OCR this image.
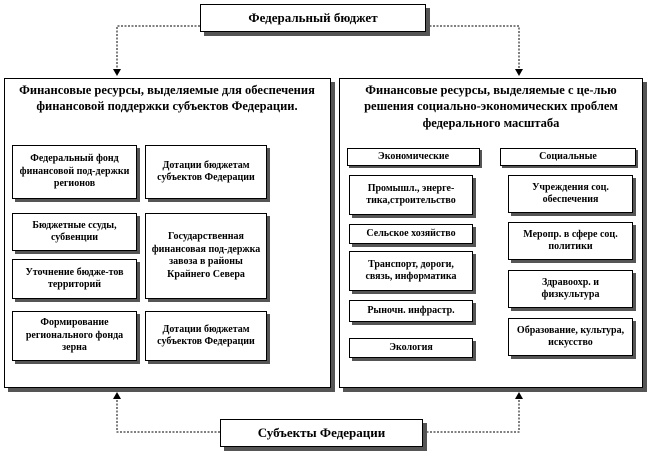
Федеральный бюджет
Финансовые ресурсы, выделяемые для обеспечения финансовой поддержки субъектов Федерации.
Федеральный фонд финансовой под-держки регионов
Дотации бюджетам субъектов Федерации
Бюджетные ссуды, субвенции	Государственная финансовая под-держка завоза в районы Крайнего Севера
Уточнение бюдже-тов территорий
Формирование регионального фонда зерна
Дотации бюджетам субъектов Федерации
Финансовые ресурсы, выделяемые с це-лью решения социально-экономических проблем федерального масштаба
Экономические
Промышл., энерге-тика,строительство
Сельское хозяйство
Транспорт, дороги, связь, информатика
Рыночн. инфрастр.
Экология
Социальные
Учреждения соц. обеспечения
Меропр. в сфере соц. политики
Здравоохр. и физкультура
Образование, культура, искусство
Субъекты Федерации
